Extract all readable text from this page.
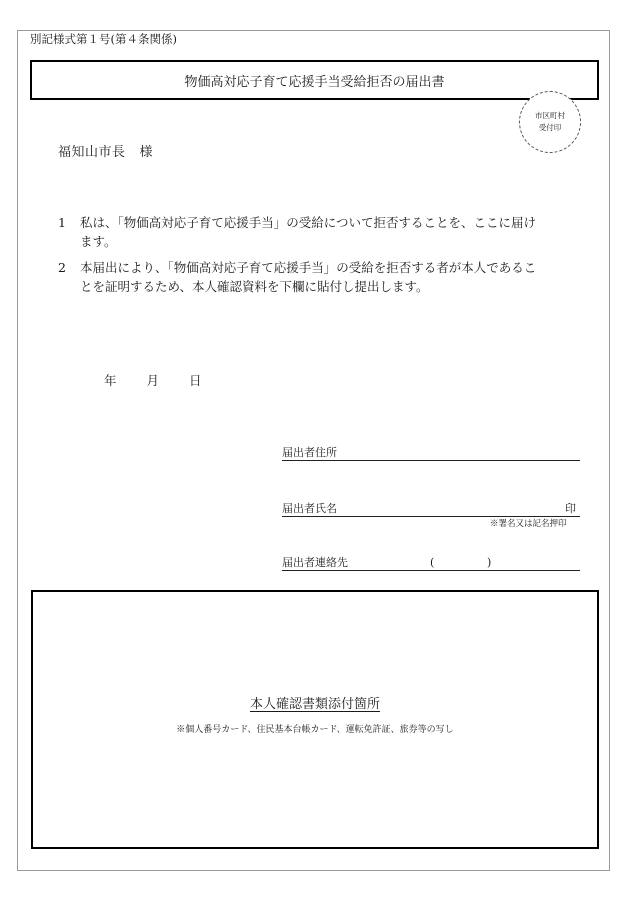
別記様式第１号(第４条関係)
物価高対応子育て応援手当受給拒否の届出書
市区町村
受付印
福知山市長 様
1	私は、「物価高対応子育て応援手当」の受給について拒否することを、ここに届け
ます。
2	本届出により、「物価高対応子育て応援手当」の受給を拒否する者が本人であるこ
とを証明するため、本人確認資料を下欄に貼付し提出します。
年 月 日
届出者住所
届出者氏名	印
※署名又は記名押印
届出者連絡先	(	)
本人確認書類添付箇所
※個人番号カード、住民基本台帳カード、運転免許証、旅券等の写し
